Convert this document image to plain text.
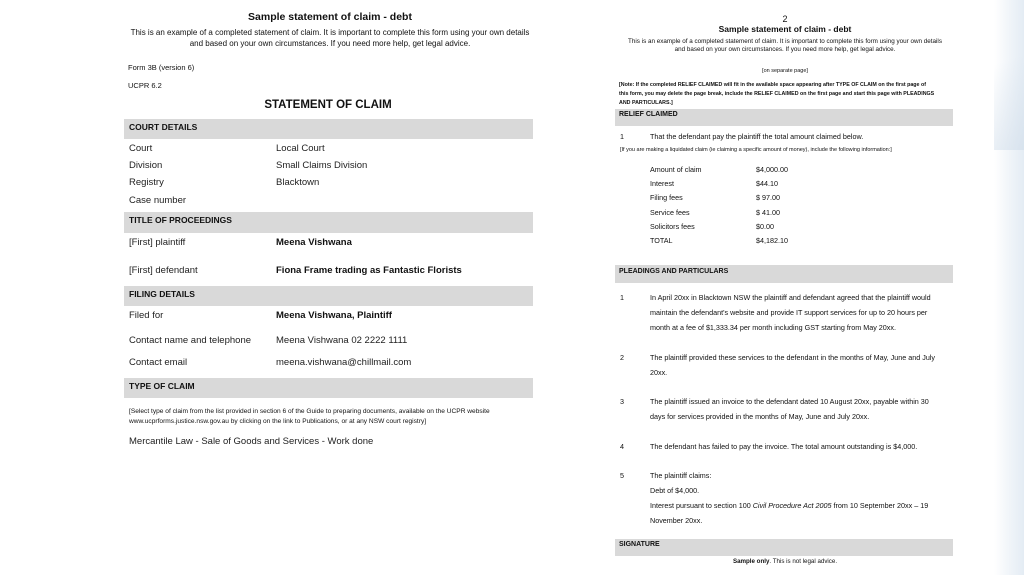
Sample statement of claim - debt
This is an example of a completed statement of claim. It is important to complete this form using your own details
and based on your own circumstances. If you need more help, get legal advice.
Form 3B (version 6)
UCPR 6.2
STATEMENT OF CLAIM
COURT DETAILS
Court	Local Court
Division	Small Claims Division
Registry	Blacktown
Case number
TITLE OF PROCEEDINGS
[First] plaintiff	Meena Vishwana
[First] defendant	Fiona Frame trading as Fantastic Florists
FILING DETAILS
Filed for	Meena Vishwana, Plaintiff
Contact name and telephone	Meena Vishwana 02 2222 1111
Contact email	meena.vishwana@chillmail.com
TYPE OF CLAIM
[Select type of claim from the list provided in section 6 of the Guide to preparing documents, available on the UCPR website
www.ucprforms.justice.nsw.gov.au by clicking on the link to Publications, or at any NSW court registry]
Mercantile Law - Sale of Goods and Services - Work done
2
Sample statement of claim - debt
This is an example of a completed statement of claim. It is important to complete this form using your own details
and based on your own circumstances. If you need more help, get legal advice.
[on separate page]
[Note: If the completed RELIEF CLAIMED will fit in the available space appearing after TYPE OF CLAIM on the first page of
this form, you may delete the page break, include the RELIEF CLAIMED on the first page and start this page with PLEADINGS
AND PARTICULARS.]
RELIEF CLAIMED
1	That the defendant pay the plaintiff the total amount claimed below.
[If you are making a liquidated claim (ie claiming a specific amount of money), include the following information:]
Amount of claim	$4,000.00
Interest	$44.10
Filing fees	$ 97.00
Service fees	$ 41.00
Solicitors fees	$0.00
TOTAL	$4,182.10
PLEADINGS AND PARTICULARS
1	In April 20xx in Blacktown NSW the plaintiff and defendant agreed that the plaintiff would
maintain the defendant's website and provide IT support services for up to 20 hours per
month at a fee of $1,333.34 per month including GST starting from May 20xx.
2	The plaintiff provided these services to the defendant in the months of May, June and July
20xx.
3	The plaintiff issued an invoice to the defendant dated 10 August 20xx, payable within 30
days for services provided in the months of May, June and July 20xx.
4	The defendant has failed to pay the invoice. The total amount outstanding is $4,000.
5	The plaintiff claims:
Debt of $4,000.
Interest pursuant to section 100 Civil Procedure Act 2005 from 10 September 20xx – 19
November 20xx.
SIGNATURE
Sample only. This is not legal advice.
